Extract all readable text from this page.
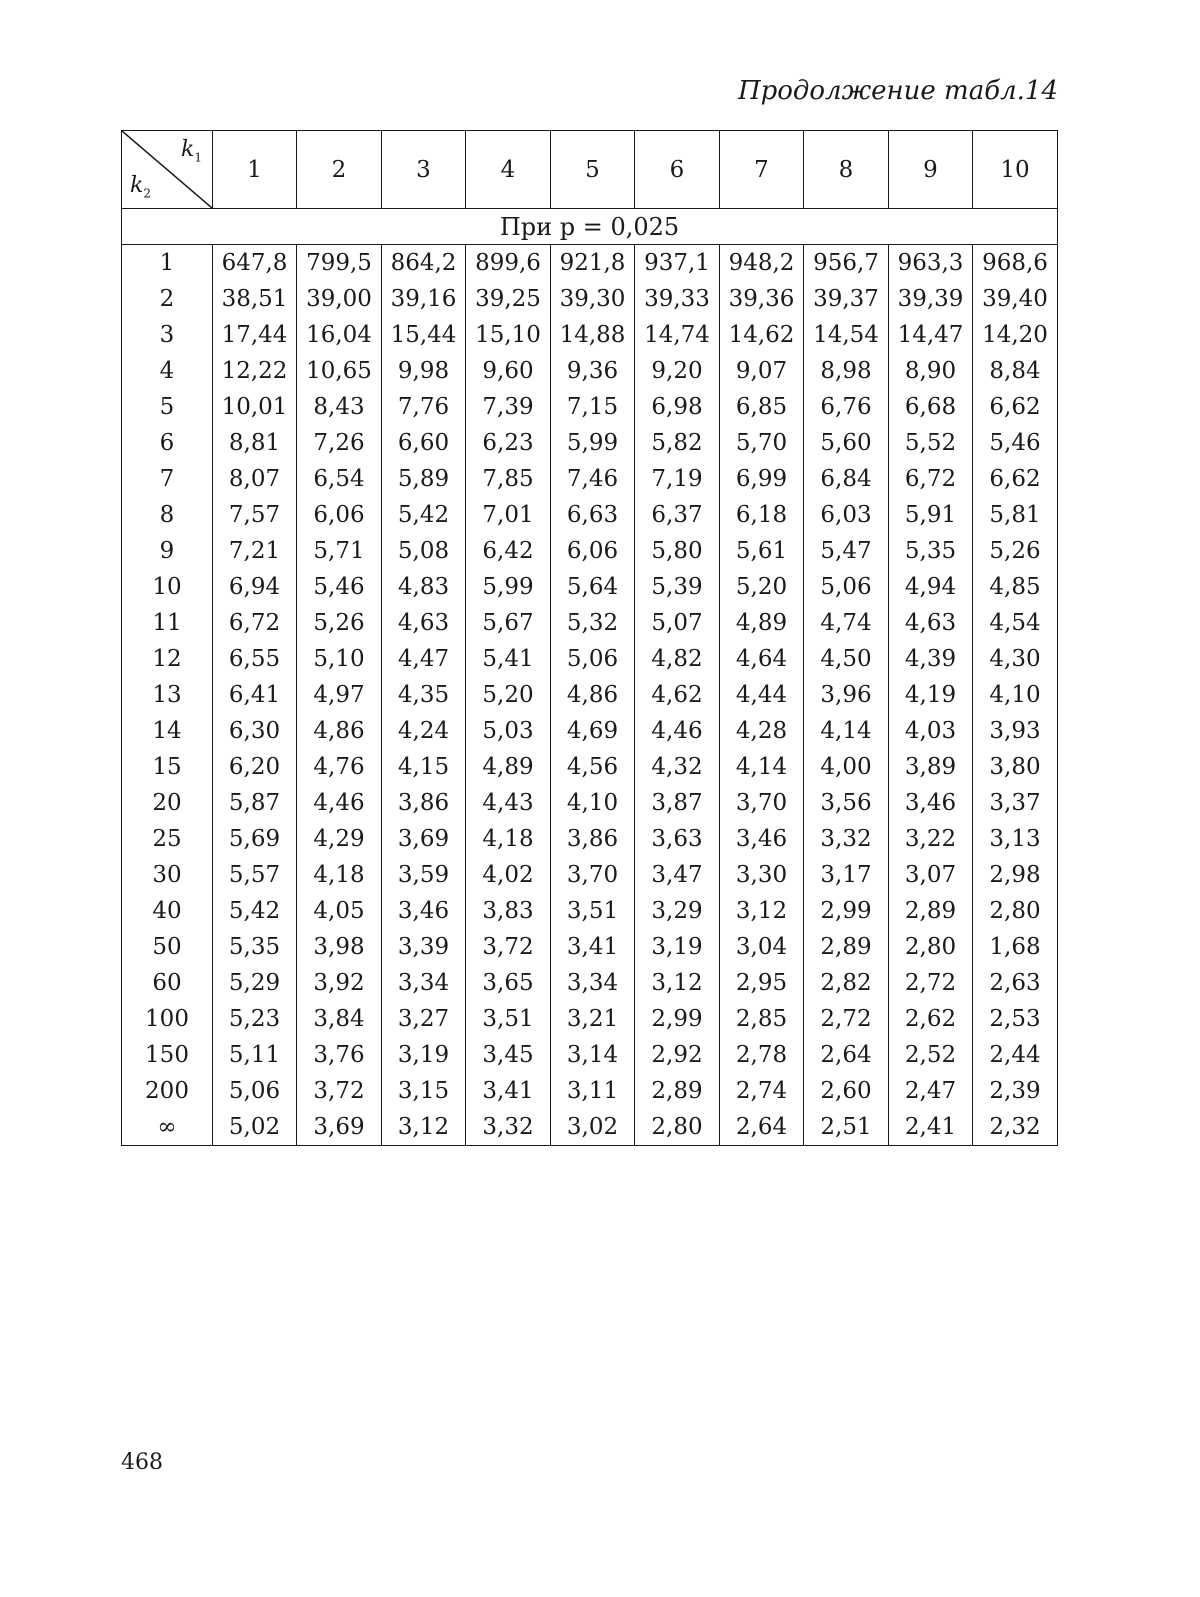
Продолжение табл.14
$k_1$
$k_2$	1	2	3	4	5	6	7	8	9	10
При p = 0,025										
1	647,8	799,5	864,2	899,6	921,8	937,1	948,2	956,7	963,3	968,6
2	38,51	39,00	39,16	39,25	39,30	39,33	39,36	39,37	39,39	39,40
3	17,44	16,04	15,44	15,10	14,88	14,74	14,62	14,54	14,47	14,20
4	12,22	10,65	9,98	9,60	9,36	9,20	9,07	8,98	8,90	8,84
5	10,01	8,43	7,76	7,39	7,15	6,98	6,85	6,76	6,68	6,62
6	8,81	7,26	6,60	6,23	5,99	5,82	5,70	5,60	5,52	5,46
7	8,07	6,54	5,89	7,85	7,46	7,19	6,99	6,84	6,72	6,62
8	7,57	6,06	5,42	7,01	6,63	6,37	6,18	6,03	5,91	5,81
9	7,21	5,71	5,08	6,42	6,06	5,80	5,61	5,47	5,35	5,26
10	6,94	5,46	4,83	5,99	5,64	5,39	5,20	5,06	4,94	4,85
11	6,72	5,26	4,63	5,67	5,32	5,07	4,89	4,74	4,63	4,54
12	6,55	5,10	4,47	5,41	5,06	4,82	4,64	4,50	4,39	4,30
13	6,41	4,97	4,35	5,20	4,86	4,62	4,44	3,96	4,19	4,10
14	6,30	4,86	4,24	5,03	4,69	4,46	4,28	4,14	4,03	3,93
15	6,20	4,76	4,15	4,89	4,56	4,32	4,14	4,00	3,89	3,80
20	5,87	4,46	3,86	4,43	4,10	3,87	3,70	3,56	3,46	3,37
25	5,69	4,29	3,69	4,18	3,86	3,63	3,46	3,32	3,22	3,13
30	5,57	4,18	3,59	4,02	3,70	3,47	3,30	3,17	3,07	2,98
40	5,42	4,05	3,46	3,83	3,51	3,29	3,12	2,99	2,89	2,80
50	5,35	3,98	3,39	3,72	3,41	3,19	3,04	2,89	2,80	1,68
60	5,29	3,92	3,34	3,65	3,34	3,12	2,95	2,82	2,72	2,63
100	5,23	3,84	3,27	3,51	3,21	2,99	2,85	2,72	2,62	2,53
150	5,11	3,76	3,19	3,45	3,14	2,92	2,78	2,64	2,52	2,44
200	5,06	3,72	3,15	3,41	3,11	2,89	2,74	2,60	2,47	2,39
∞	5,02	3,69	3,12	3,32	3,02	2,80	2,64	2,51	2,41	2,32
468
